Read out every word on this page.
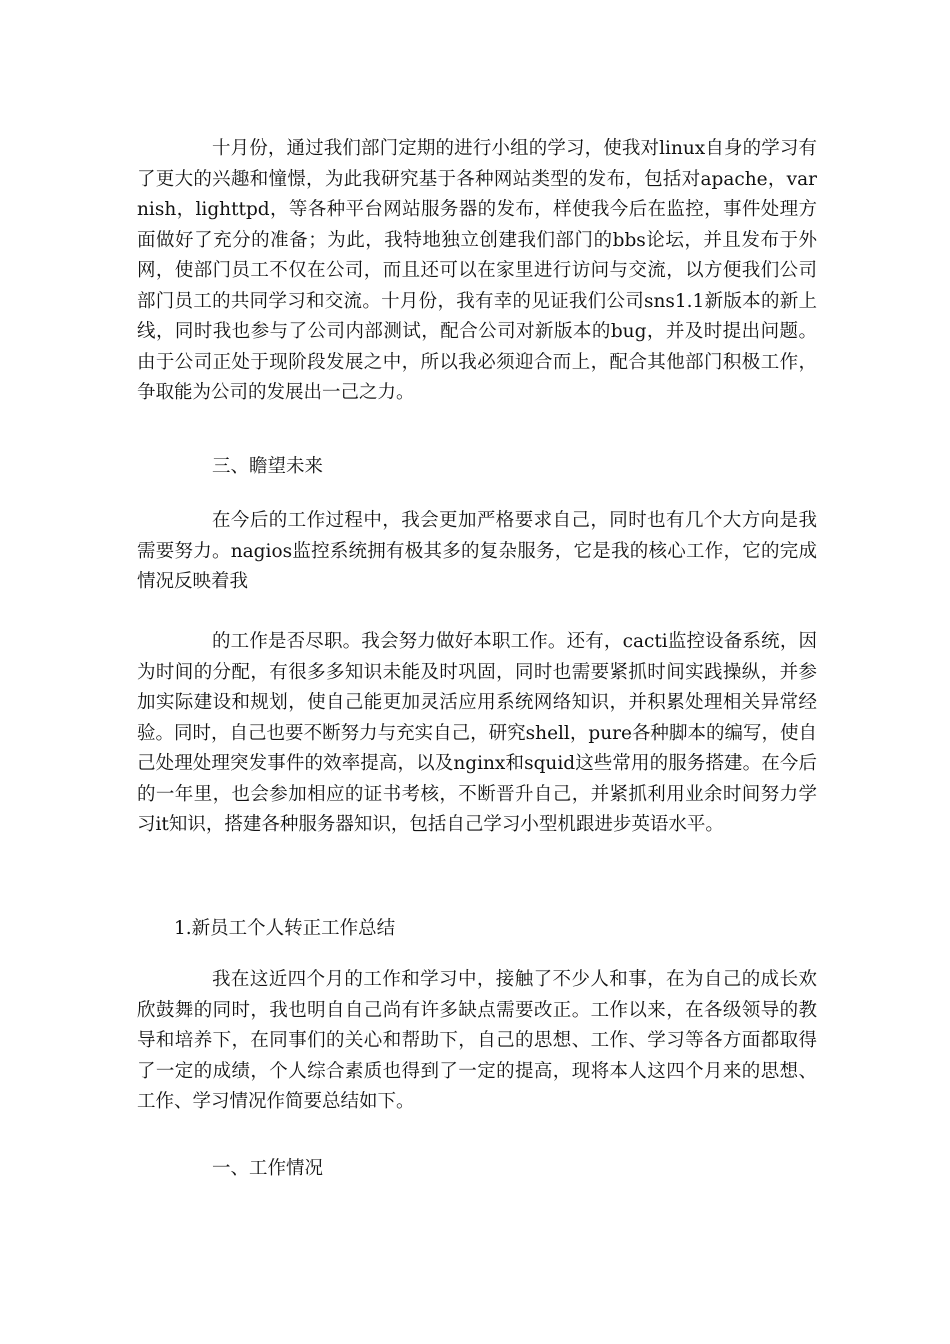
十月份，通过我们部门定期的进行小组的学习，使我对linux自身的学习有了更大的兴趣和憧憬，为此我研究基于各种网站类型的发布，包括对apache，varnish，lighttpd，等各种平台网站服务器的发布，样使我今后在监控，事件处理方面做好了充分的准备；为此，我特地独立创建我们部门的bbs论坛，并且发布于外网，使部门员工不仅在公司，而且还可以在家里进行访问与交流，以方便我们公司部门员工的共同学习和交流。十月份，我有幸的见证我们公司sns1.1新版本的新上线，同时我也参与了公司内部测试，配合公司对新版本的bug，并及时提出问题。由于公司正处于现阶段发展之中，所以我必须迎合而上，配合其他部门积极工作，争取能为公司的发展出一己之力。

三、瞻望未来

在今后的工作过程中，我会更加严格要求自己，同时也有几个大方向是我需要努力。nagios监控系统拥有极其多的复杂服务，它是我的核心工作，它的完成情况反映着我

的工作是否尽职。我会努力做好本职工作。还有，cacti监控设备系统，因为时间的分配，有很多多知识未能及时巩固，同时也需要紧抓时间实践操纵，并参加实际建设和规划，使自己能更加灵活应用系统网络知识，并积累处理相关异常经验。同时，自己也要不断努力与充实自己，研究shell，pure各种脚本的编写，使自己处理处理突发事件的效率提高，以及nginx和squid这些常用的服务搭建。在今后的一年里，也会参加相应的证书考核，不断晋升自己，并紧抓利用业余时间努力学习it知识，搭建各种服务器知识，包括自己学习小型机跟进步英语水平。

1.新员工个人转正工作总结

我在这近四个月的工作和学习中，接触了不少人和事，在为自己的成长欢欣鼓舞的同时，我也明自自己尚有许多缺点需要改正。工作以来，在各级领导的教导和培养下，在同事们的关心和帮助下，自己的思想、工作、学习等各方面都取得了一定的成绩，个人综合素质也得到了一定的提高，现将本人这四个月来的思想、工作、学习情况作简要总结如下。

一、工作情况
